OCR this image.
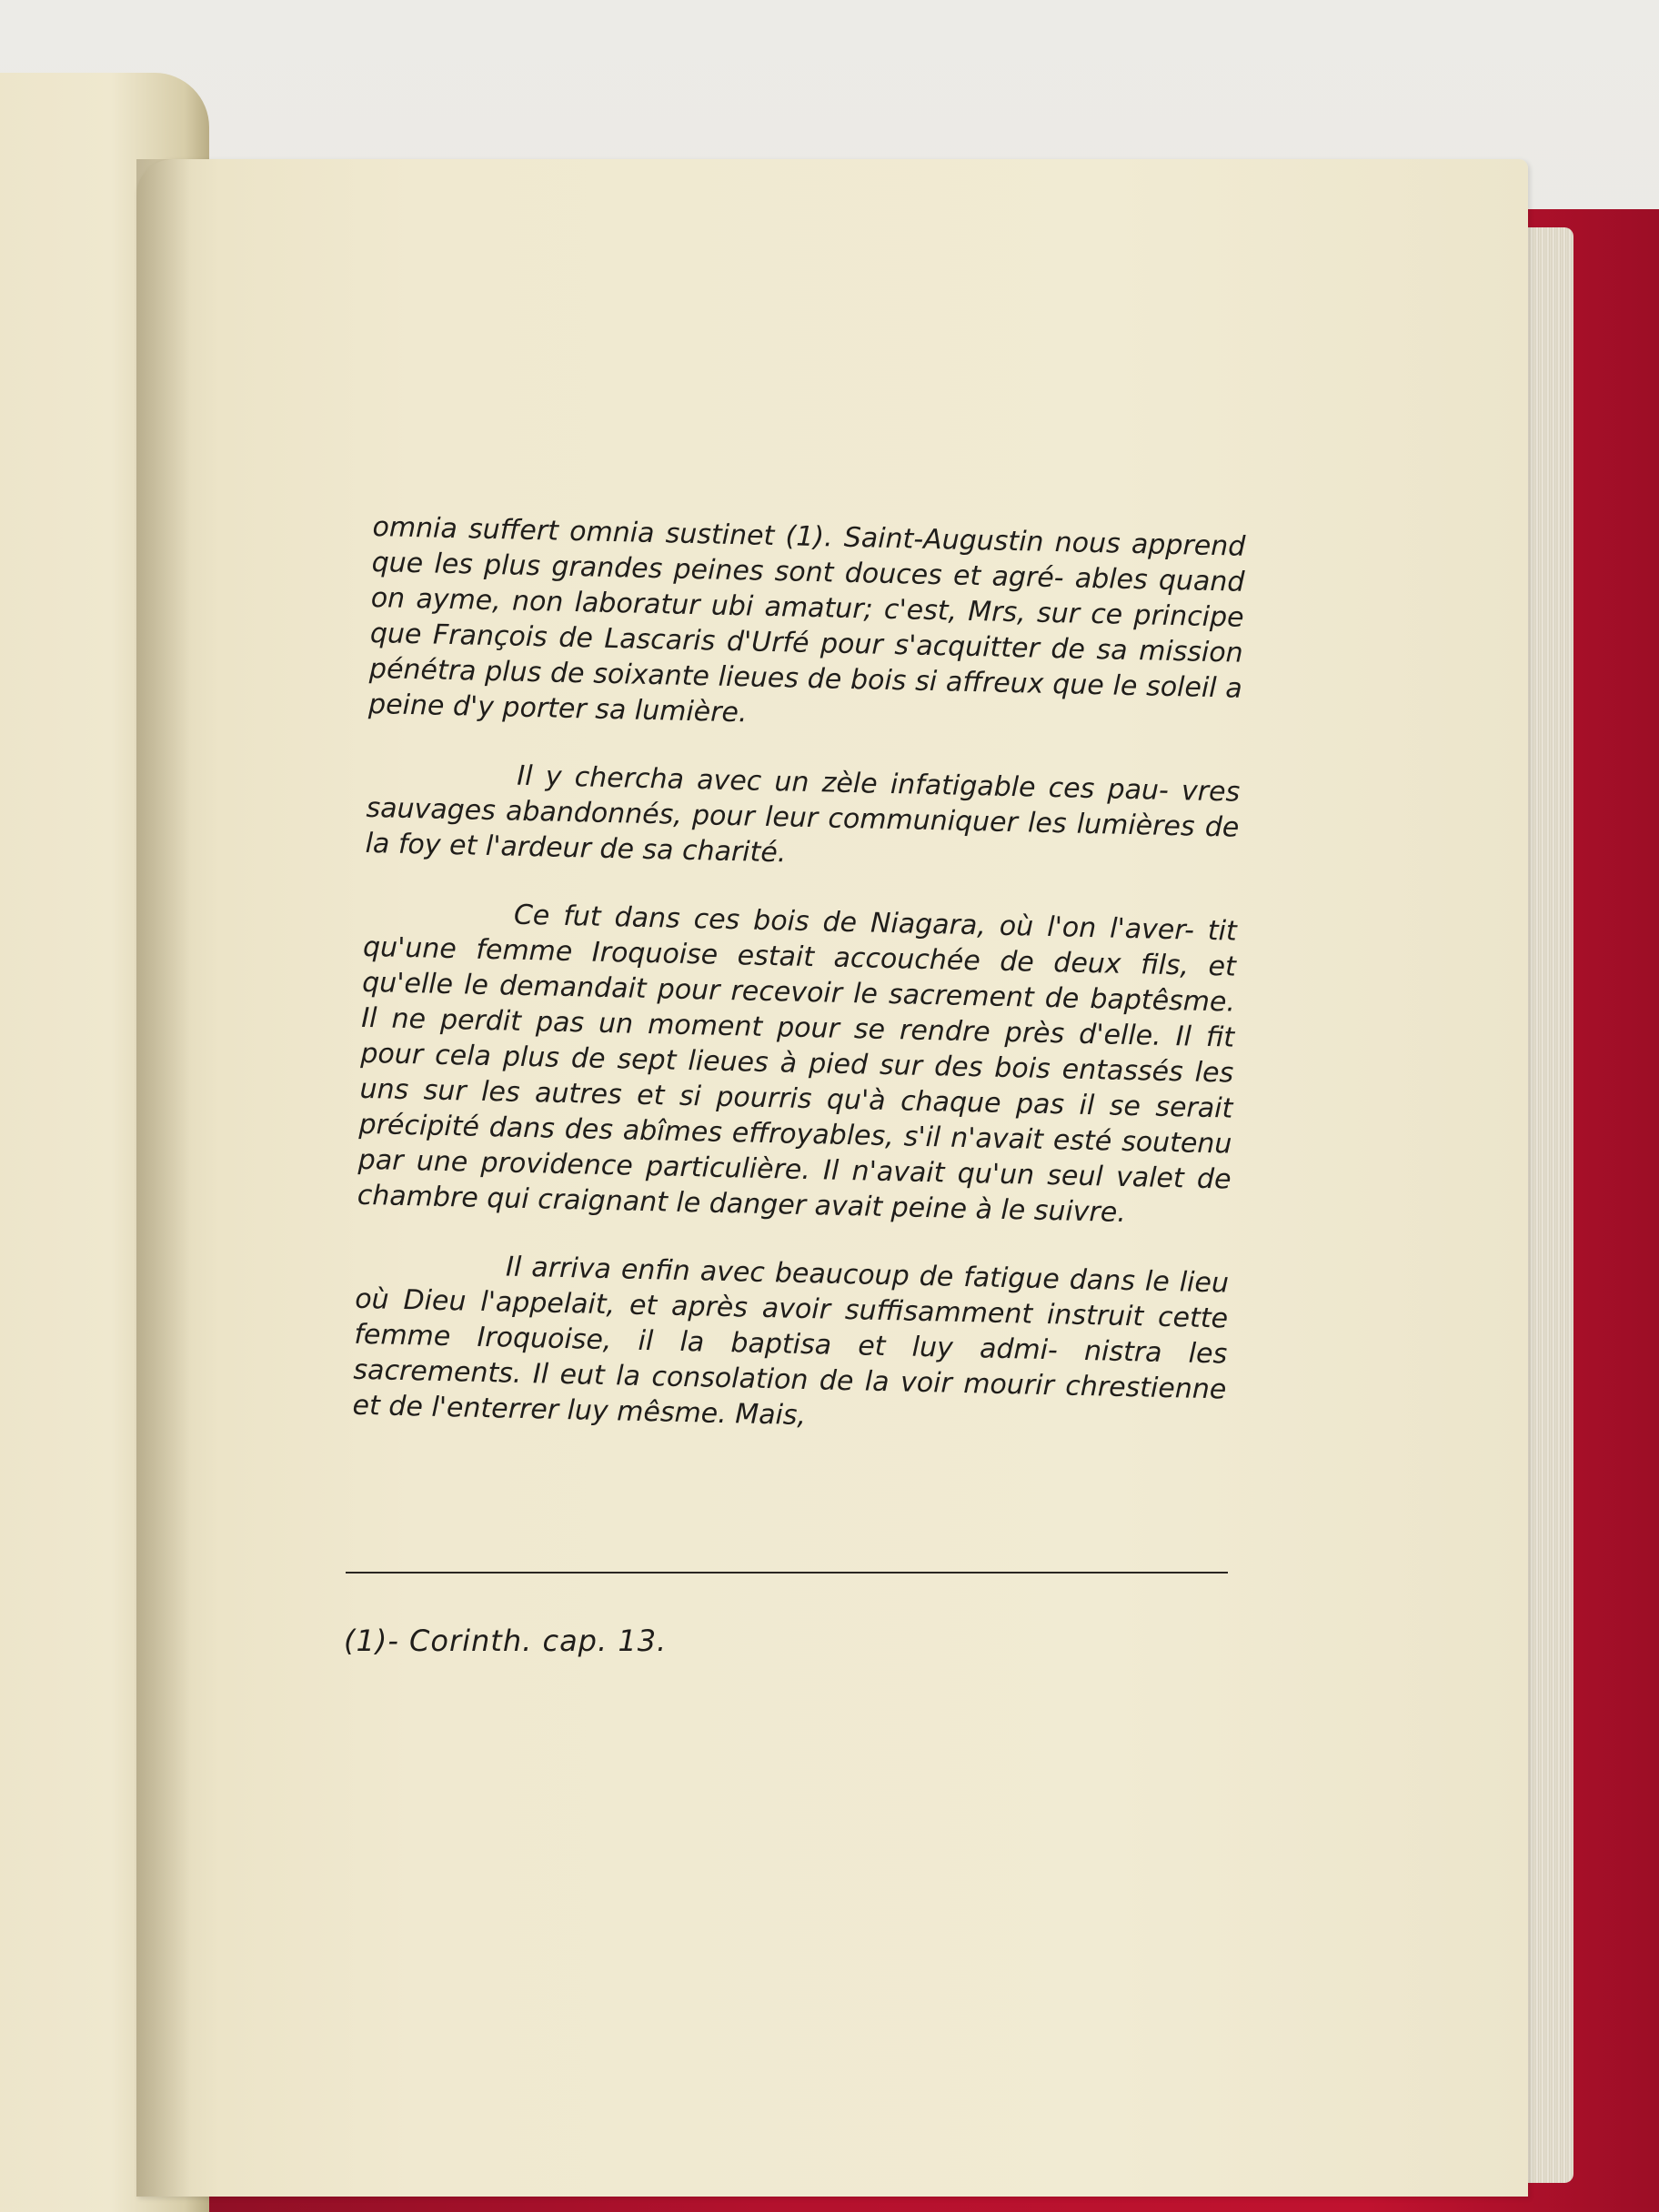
omnia suffert omnia sustinet (1). Saint-Augustin nous apprend que les plus grandes peines sont douces et agré- ables quand on ayme, non laboratur ubi amatur; c'est, Mrs, sur ce principe que François de Lascaris d'Urfé pour s'acquitter de sa mission pénétra plus de soixante lieues de bois si affreux que le soleil a peine d'y porter sa lumière.

Il y chercha avec un zèle infatigable ces pau- vres sauvages abandonnés, pour leur communiquer les lumières de la foy et l'ardeur de sa charité.

Ce fut dans ces bois de Niagara, où l'on l'aver- tit qu'une femme Iroquoise estait accouchée de deux fils, et qu'elle le demandait pour recevoir le sacrement de baptêsme. Il ne perdit pas un moment pour se rendre près d'elle. Il fit pour cela plus de sept lieues à pied sur des bois entassés les uns sur les autres et si pourris qu'à chaque pas il se serait précipité dans des abîmes effroyables, s'il n'avait esté soutenu par une providence particulière. Il n'avait qu'un seul valet de chambre qui craignant le danger avait peine à le suivre.

Il arriva enfin avec beaucoup de fatigue dans le lieu où Dieu l'appelait, et après avoir suffisamment instruit cette femme Iroquoise, il la baptisa et luy admi- nistra les sacrements. Il eut la consolation de la voir mourir chrestienne et de l'enterrer luy mêsme. Mais,

(1)- Corinth. cap. 13.
